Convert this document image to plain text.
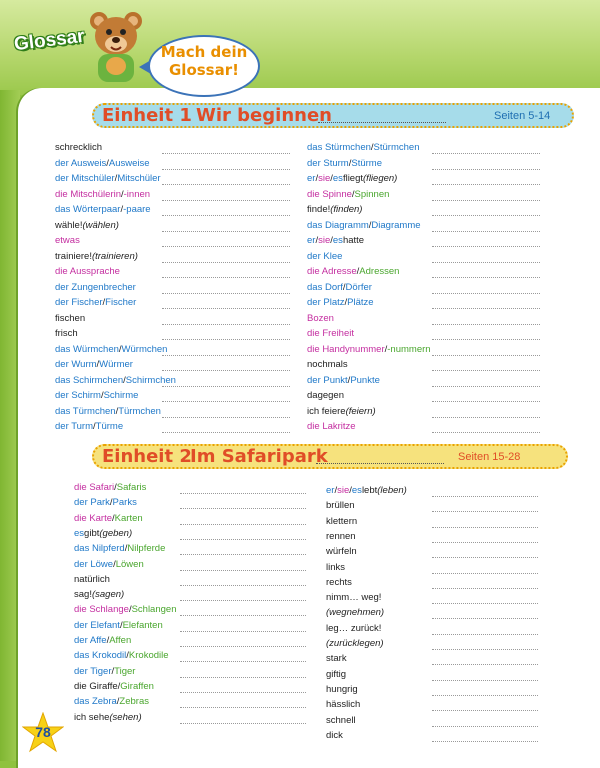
Glossar	Mach dein
Glossar!
Einheit 1 Wir beginnen	Seiten 5-14
Einheit 2
Im Safaripark	Seiten 15-28
schrecklich
der Ausweis/Ausweise
der Mitschüler/Mitschüler
die Mitschülerin/-innen
das Wörterpaar/-paare
wähle!(wählen)
etwas
trainiere!(trainieren)
die Aussprache
der Zungenbrecher
der Fischer/Fischer
fischen
frisch
das Würmchen/Würmchen
der Wurm/Würmer
das Schirmchen/Schirmchen
der Schirm/Schirme
das Türmchen/Türmchen
der Turm/Türme
das Stürmchen/Stürmchen
der Sturm/Stürme
er/sie/esfliegt(fliegen)
die Spinne/Spinnen
finde!(finden)
das Diagramm/Diagramme
er/sie/eshatte
der Klee
die Adresse/Adressen
das Dorf/Dörfer
der Platz/Plätze
Bozen
die Freiheit
die Handynummer/-nummern
nochmals
der Punkt/Punkte
dagegen
ich feiere(feiern)
die Lakritze
die Safari/Safaris
der Park/Parks
die Karte/Karten
esgibt(geben)
das Nilpferd/Nilpferde
der Löwe/Löwen
natürlich
sag!(sagen)
die Schlange/Schlangen
der Elefant/Elefanten
der Affe/Affen
das Krokodil/Krokodile
der Tiger/Tiger
die Giraffe/Giraffen
das Zebra/Zebras
ich sehe(sehen)
er/sie/eslebt(leben)
brüllen
klettern
rennen
würfeln
links
rechts
nimm… weg!
(wegnehmen)
leg… zurück!
(zurücklegen)
stark
giftig
hungrig
hässlich
schnell
dick
78
